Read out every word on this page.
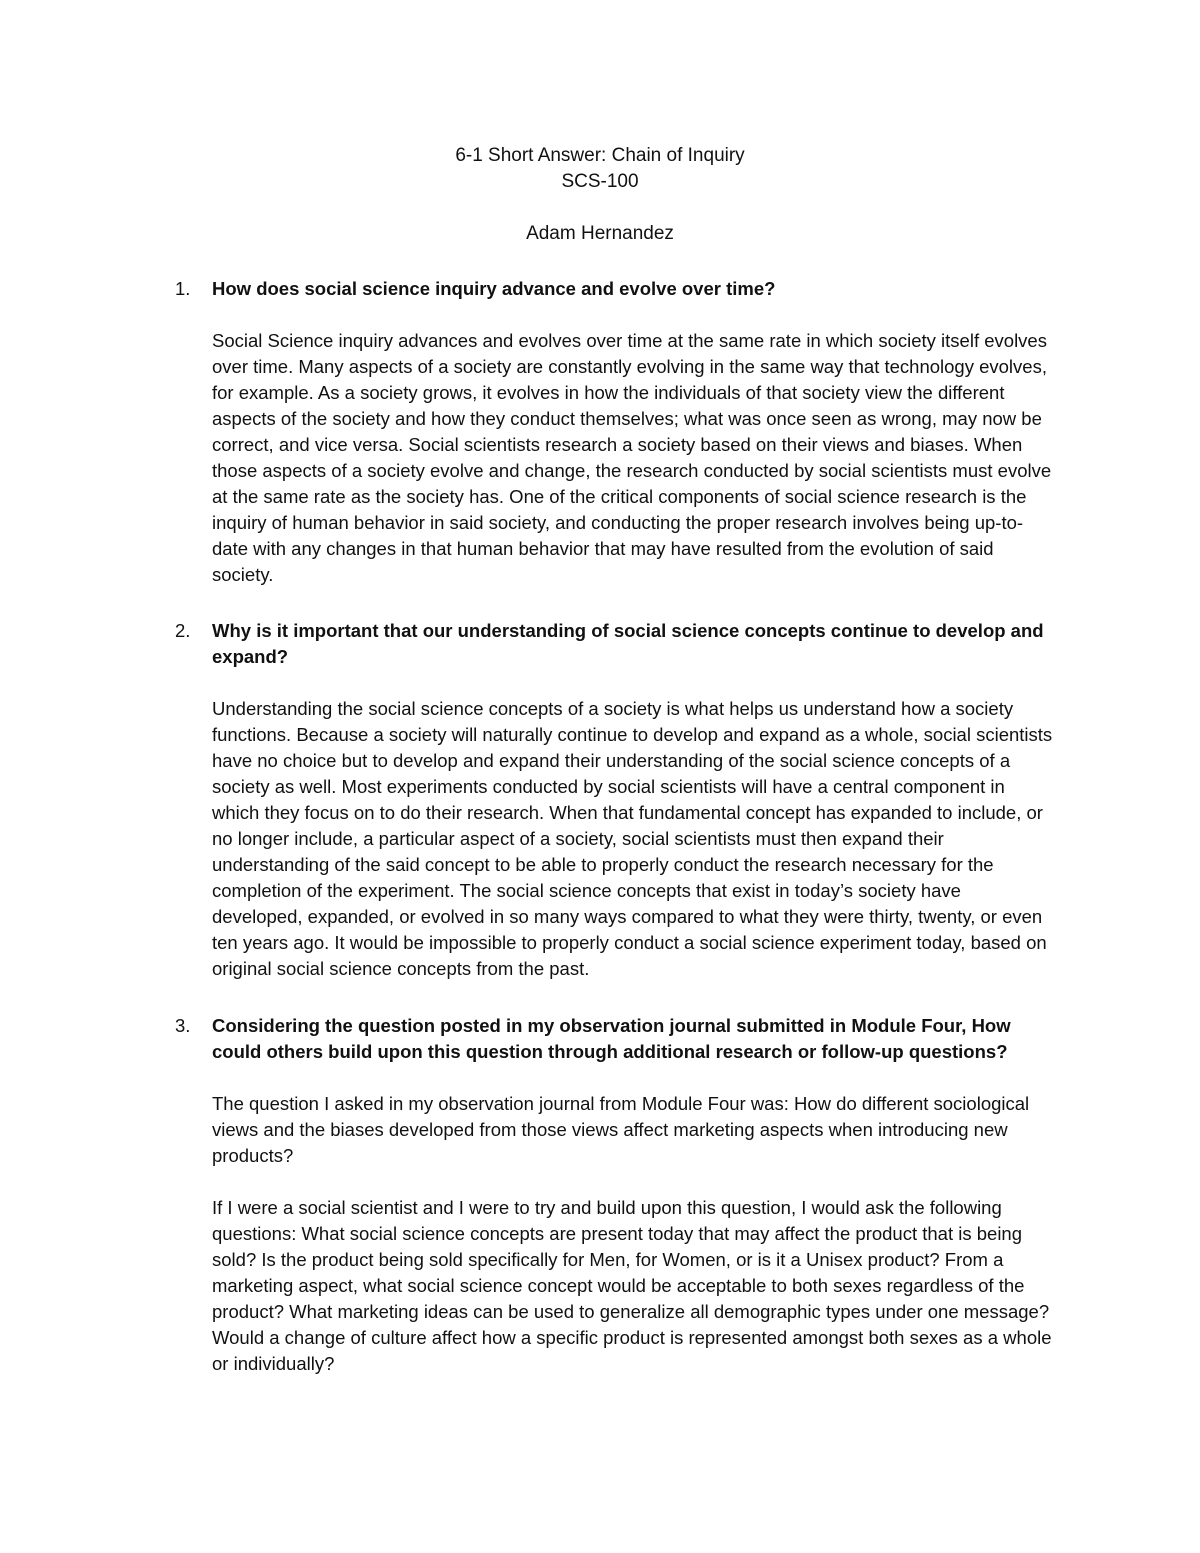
6-1 Short Answer: Chain of Inquiry
SCS-100
Adam Hernandez
1. How does social science inquiry advance and evolve over time?

Social Science inquiry advances and evolves over time at the same rate in which society itself evolves over time. Many aspects of a society are constantly evolving in the same way that technology evolves, for example. As a society grows, it evolves in how the individuals of that society view the different aspects of the society and how they conduct themselves; what was once seen as wrong, may now be correct, and vice versa. Social scientists research a society based on their views and biases. When those aspects of a society evolve and change, the research conducted by social scientists must evolve at the same rate as the society has. One of the critical components of social science research is the inquiry of human behavior in said society, and conducting the proper research involves being up-to-date with any changes in that human behavior that may have resulted from the evolution of said society.

2. Why is it important that our understanding of social science concepts continue to develop and expand?

Understanding the social science concepts of a society is what helps us understand how a society functions. Because a society will naturally continue to develop and expand as a whole, social scientists have no choice but to develop and expand their understanding of the social science concepts of a society as well. Most experiments conducted by social scientists will have a central component in which they focus on to do their research. When that fundamental concept has expanded to include, or no longer include, a particular aspect of a society, social scientists must then expand their understanding of the said concept to be able to properly conduct the research necessary for the completion of the experiment. The social science concepts that exist in today’s society have developed, expanded, or evolved in so many ways compared to what they were thirty, twenty, or even ten years ago. It would be impossible to properly conduct a social science experiment today, based on original social science concepts from the past.

3. Considering the question posted in my observation journal submitted in Module Four, How could others build upon this question through additional research or follow-up questions?

The question I asked in my observation journal from Module Four was: How do different sociological views and the biases developed from those views affect marketing aspects when introducing new products?

If I were a social scientist and I were to try and build upon this question, I would ask the following questions: What social science concepts are present today that may affect the product that is being sold? Is the product being sold specifically for Men, for Women, or is it a Unisex product? From a marketing aspect, what social science concept would be acceptable to both sexes regardless of the product? What marketing ideas can be used to generalize all demographic types under one message? Would a change of culture affect how a specific product is represented amongst both sexes as a whole or individually?
